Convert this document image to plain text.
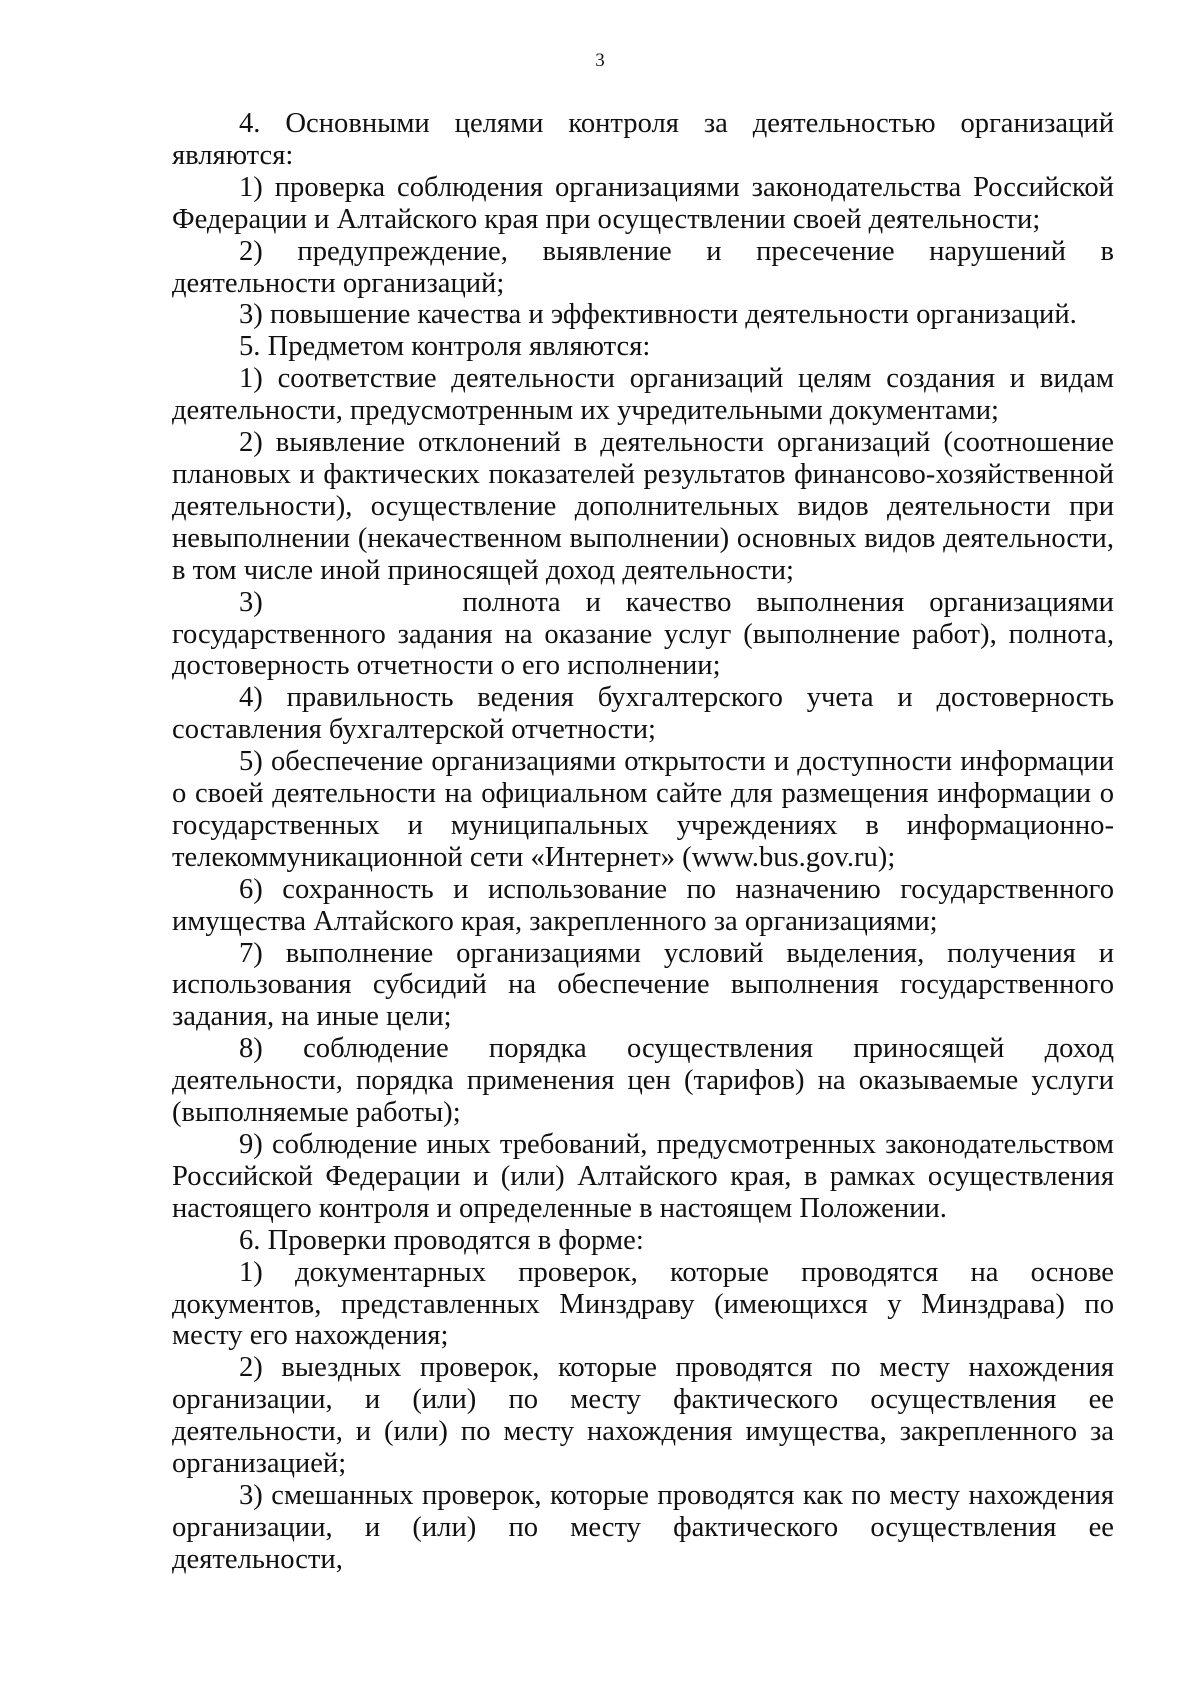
3

4. Основными целями контроля за деятельностью организаций являются:

1) проверка соблюдения организациями законодательства Российской Федерации и Алтайского края при осуществлении своей деятельности;

2) предупреждение, выявление и пресечение нарушений в деятельности организаций;

3) повышение качества и эффективности деятельности организаций.

5. Предметом контроля являются:

1) соответствие деятельности организаций целям создания и видам деятельности, предусмотренным их учредительными документами;

2) выявление отклонений в деятельности организаций (соотношение плановых и фактических показателей результатов финансово-хозяйственной деятельности), осуществление дополнительных видов деятельности при невыполнении (некачественном выполнении) основных видов деятельности, в том числе иной приносящей доход деятельности;

3)        полнота и качество выполнения организациями государственного задания на оказание услуг (выполнение работ), полнота, достоверность отчетности о его исполнении;

4) правильность ведения бухгалтерского учета и достоверность составления бухгалтерской отчетности;

5) обеспечение организациями открытости и доступности информации о своей деятельности на официальном сайте для размещения информации о государственных и муниципальных учреждениях в информационно-телекоммуникационной сети «Интернет» (www.bus.gov.ru);

6) сохранность и использование по назначению государственного имущества Алтайского края, закрепленного за организациями;

7) выполнение организациями условий выделения, получения и использования субсидий на обеспечение выполнения государственного задания, на иные цели;

8) соблюдение порядка осуществления приносящей доход деятельности, порядка применения цен (тарифов) на оказываемые услуги (выполняемые работы);

9) соблюдение иных требований, предусмотренных законодательством Российской Федерации и (или) Алтайского края, в рамках осуществления настоящего контроля и определенные в настоящем Положении.

6. Проверки проводятся в форме:

1) документарных проверок, которые проводятся на основе документов, представленных Минздраву (имеющихся у Минздрава) по месту его нахождения;

2) выездных проверок, которые проводятся по месту нахождения организации, и (или) по месту фактического осуществления ее деятельности, и (или) по месту нахождения имущества, закрепленного за организацией;

3) смешанных проверок, которые проводятся как по месту нахождения организации, и (или) по месту фактического осуществления ее деятельности,
